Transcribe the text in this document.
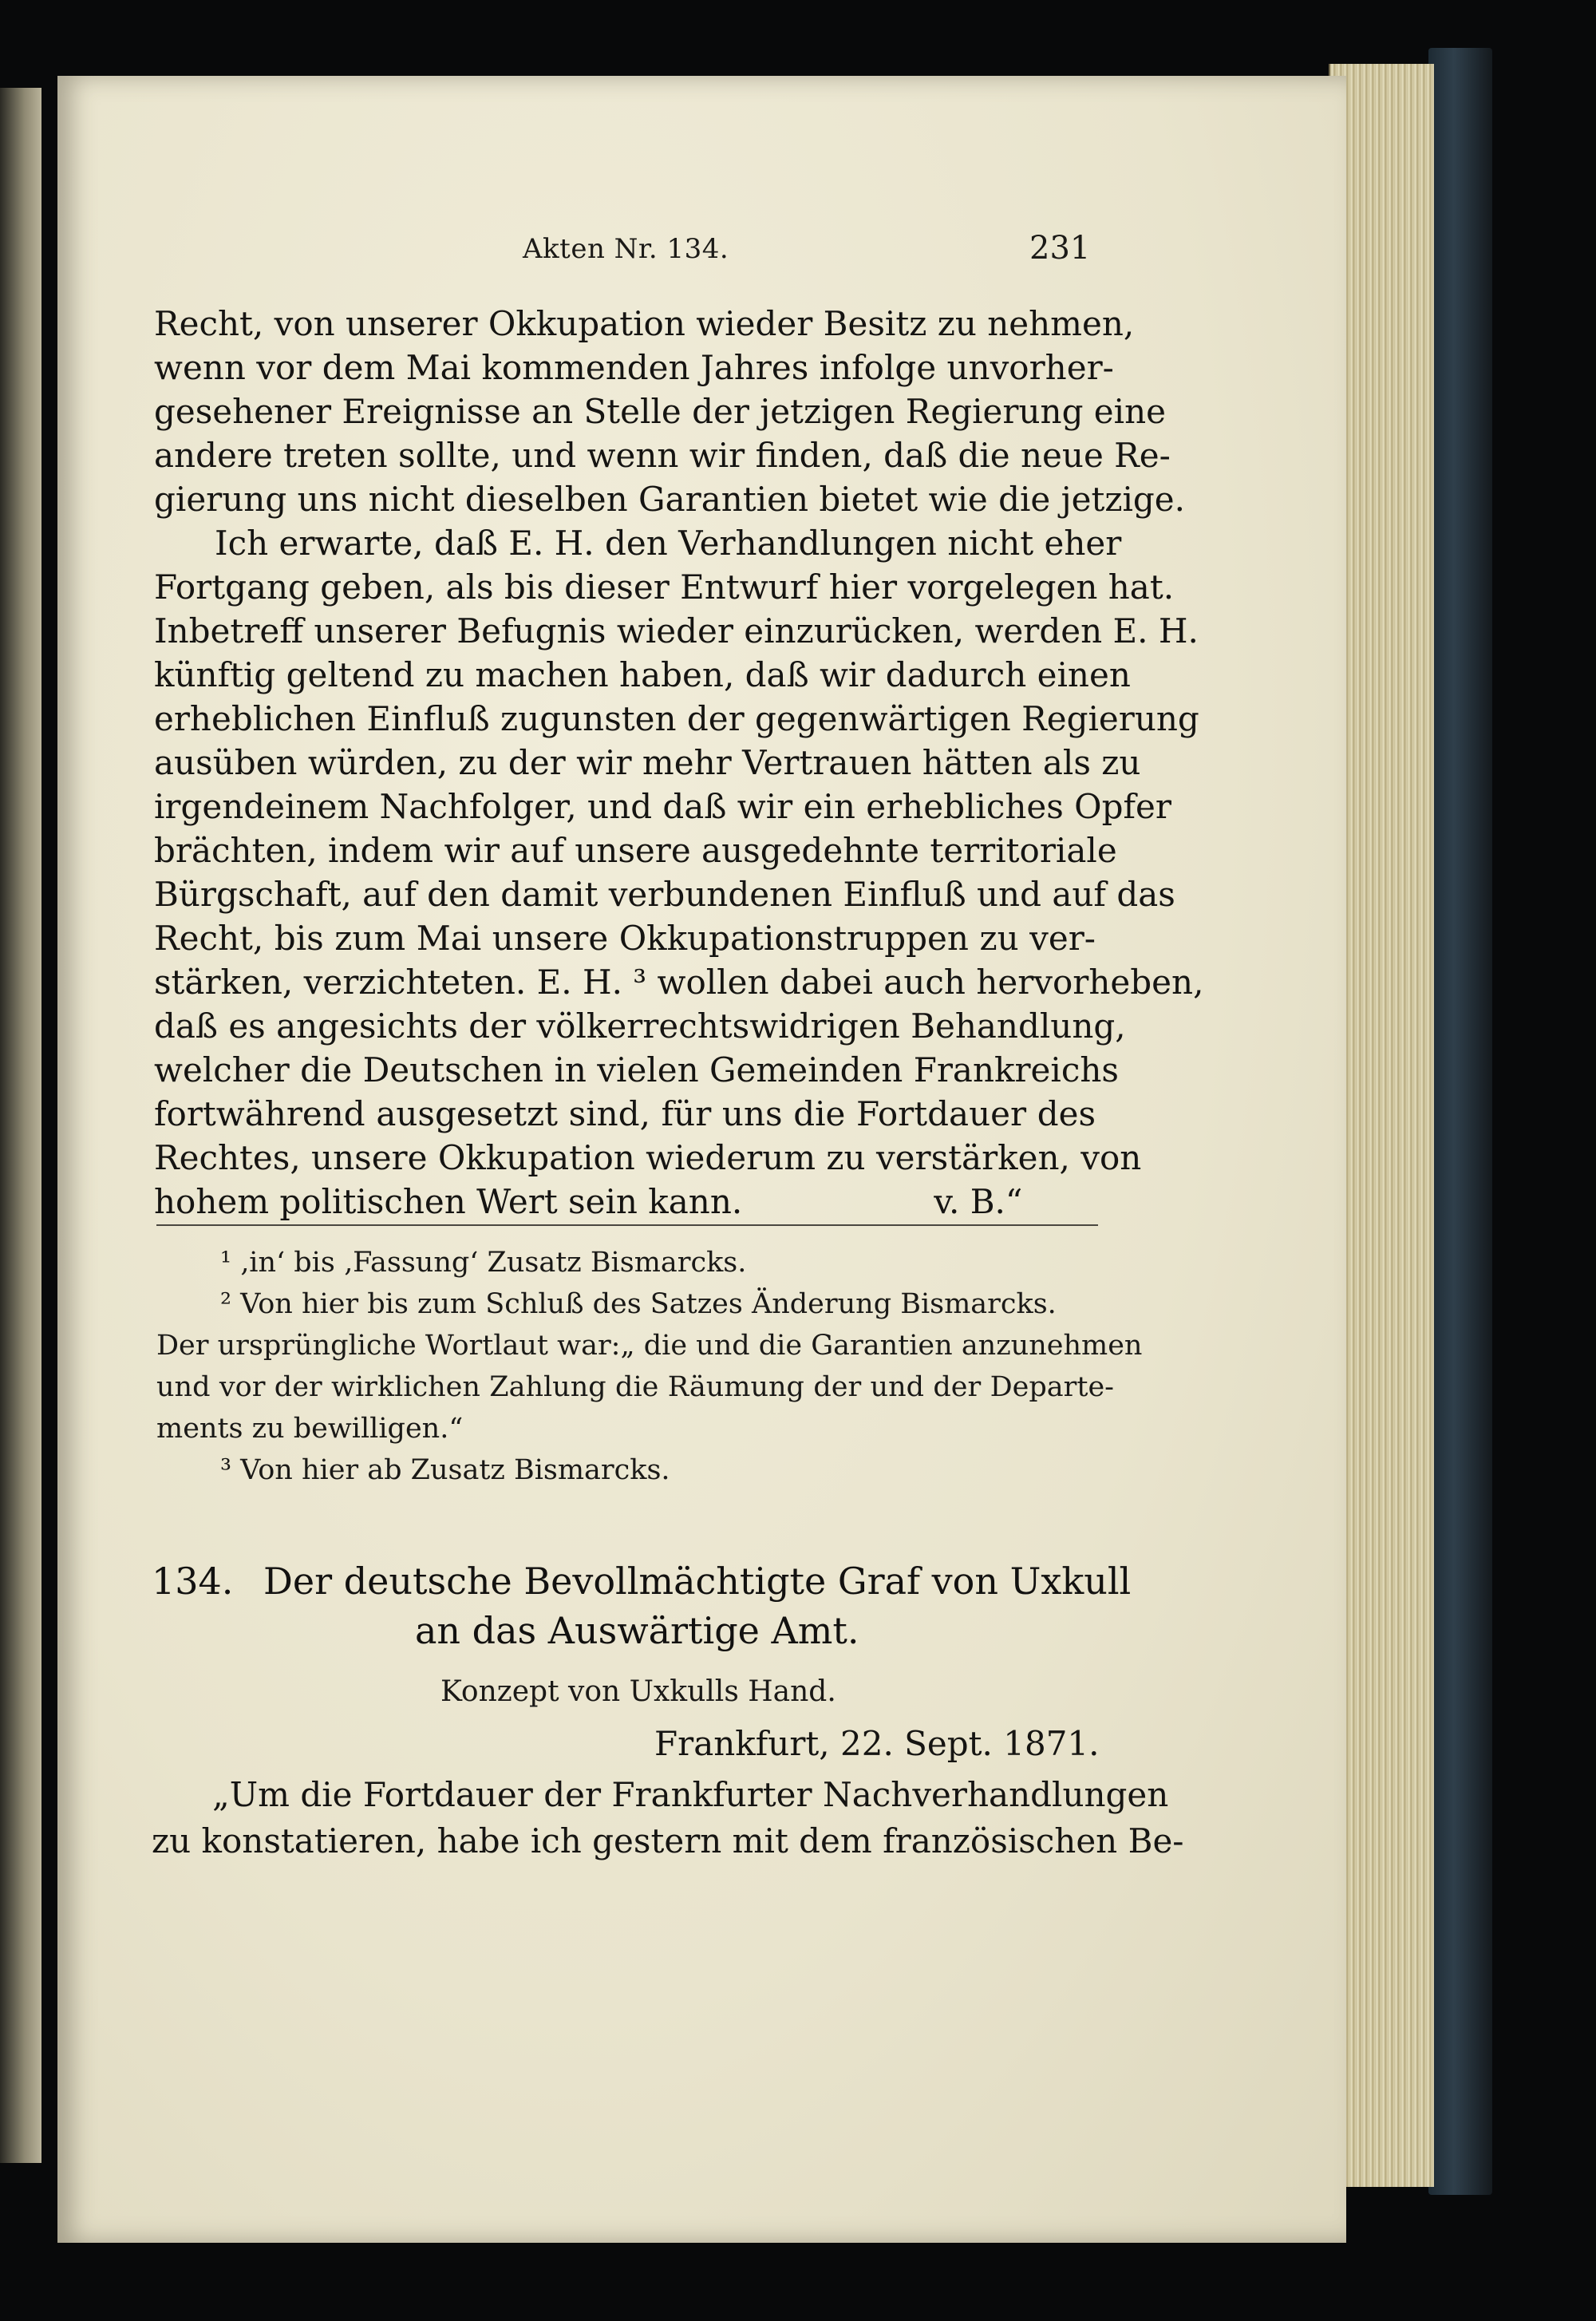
Akten Nr. 134.	231
Recht, von unserer Okkupation wieder Besitz zu nehmen,
wenn vor dem Mai kommenden Jahres infolge unvorher-
gesehener Ereignisse an Stelle der jetzigen Regierung eine
andere treten sollte, und wenn wir finden, daß die neue Re-
gierung uns nicht dieselben Garantien bietet wie die jetzige.
Ich erwarte, daß E. H. den Verhandlungen nicht eher
Fortgang geben, als bis dieser Entwurf hier vorgelegen hat.
Inbetreff unserer Befugnis wieder einzurücken, werden E. H.
künftig geltend zu machen haben, daß wir dadurch einen
erheblichen Einfluß zugunsten der gegenwärtigen Regierung
ausüben würden, zu der wir mehr Vertrauen hätten als zu
irgendeinem Nachfolger, und daß wir ein erhebliches Opfer
brächten, indem wir auf unsere ausgedehnte territoriale
Bürgschaft, auf den damit verbundenen Einfluß und auf das
Recht, bis zum Mai unsere Okkupationstruppen zu ver-
stärken, verzichteten. E. H. ³ wollen dabei auch hervorheben,
daß es angesichts der völkerrechtswidrigen Behandlung,
welcher die Deutschen in vielen Gemeinden Frankreichs
fortwährend ausgesetzt sind, für uns die Fortdauer des
Rechtes, unsere Okkupation wiederum zu verstärken, von
hohem politischen Wert sein kann.	v. B.“
¹ ‚in‘ bis ‚Fassung‘ Zusatz Bismarcks.
² Von hier bis zum Schluß des Satzes Änderung Bismarcks.
Der ursprüngliche Wortlaut war:„ die und die Garantien anzunehmen
und vor der wirklichen Zahlung die Räumung der und der Departe-
ments zu bewilligen.“
³ Von hier ab Zusatz Bismarcks.
134. Der deutsche Bevollmächtigte Graf von Uxkull
an das Auswärtige Amt.
Konzept von Uxkulls Hand.
Frankfurt, 22. Sept. 1871.
„Um die Fortdauer der Frankfurter Nachverhandlungen
zu konstatieren, habe ich gestern mit dem französischen Be-
